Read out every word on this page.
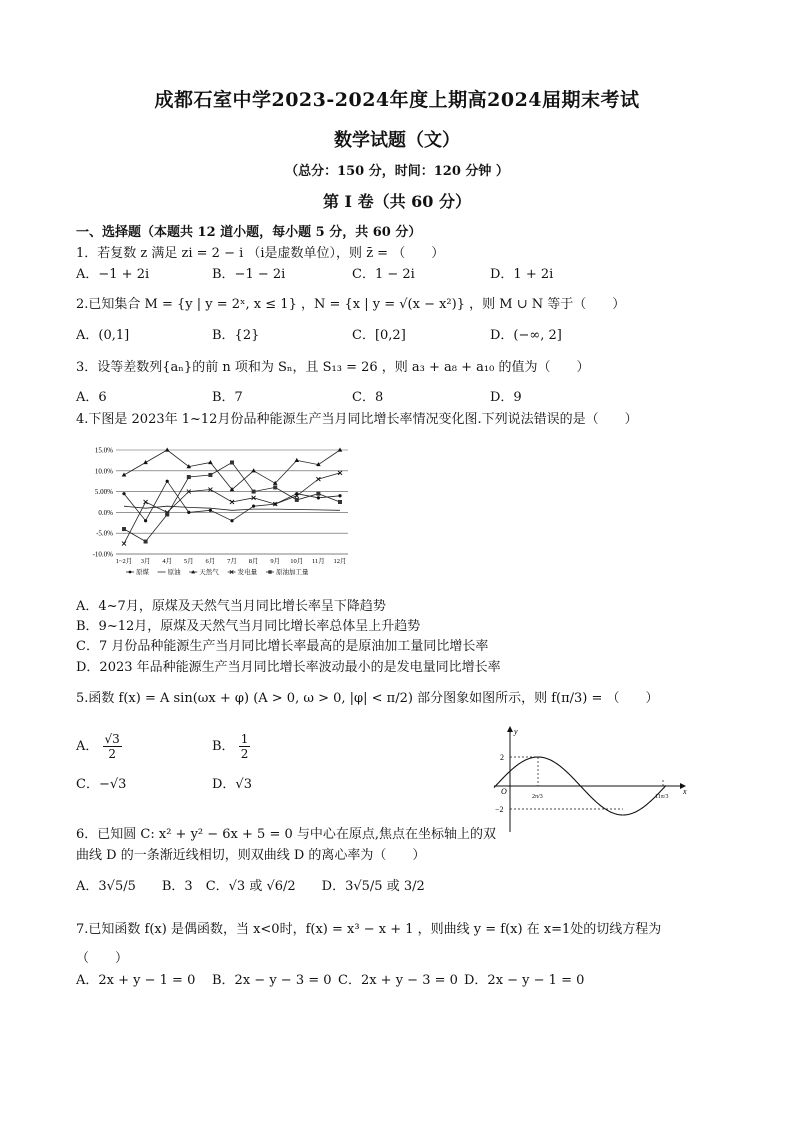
成都石室中学2023-2024年度上期高2024届期末考试
数学试题（文）
（总分：150 分，时间：120 分钟 ）
第 I 卷（共 60 分）
一、选择题（本题共 12 道小题，每小题 5 分，共 60 分）
1．若复数 z 满足 zi = 2 − i （i是虚数单位），则 z̄ = （　　）
A．−1 + 2i	B．−1 − 2i	C．1 − 2i	D．1 + 2i
2.已知集合 M = {y | y = 2ˣ, x ≤ 1} ，N = {x | y = √(x − x²)} ，则 M ∪ N 等于（　　）
A．(0,1]	B．{2}	C．[0,2]	D．(−∞, 2]
3．设等差数列{aₙ}的前 n 项和为 Sₙ，且 S₁₃ = 26 ，则 a₃ + a₈ + a₁₀ 的值为（　　）
A．6	B．7	C．8	D．9
4.下图是 2023年 1~12月份品种能源生产当月同比增长率情况变化图.下列说法错误的是（　　）
15.0%
10.0%
5.00%
0.0%
-5.0%
-10.0%
1~2月 3月 4月 5月 6月 7月 8月 9月 10月 11月 12月
原煤	原油	天然气	发电量	原油加工量
A．4~7月，原煤及天然气当月同比增长率呈下降趋势
B．9~12月，原煤及天然气当月同比增长率总体呈上升趋势
C．7 月份品种能源生产当月同比增长率最高的是原油加工量同比增长率
D．2023 年品种能源生产当月同比增长率波动最小的是发电量同比增长率
5.函数 f(x) = A sin(ωx + φ) (A > 0, ω > 0, |φ| < π/2) 部分图象如图所示，则 f(π/3) = （　　）
A． $\frac{√3}{2}$	B． $\frac{1}{2}$
C．−√3	D．√3
y
x
O
2
−2
2π/3	11π/3
6．已知圆 C: x² + y² − 6x + 5 = 0 与中心在原点,焦点在坐标轴上的双
曲线 D 的一条渐近线相切，则双曲线 D 的离心率为（　　）
A．3√5/5　　B．3　C．√3 或 √6/2　　D．3√5/5 或 3/2
7.已知函数 f(x) 是偶函数，当 x<0时，f(x) = x³ − x + 1 ，则曲线 y = f(x) 在 x=1处的切线方程为
（　　）
A．2x + y − 1 = 0 B．2x − y − 3 = 0 C．2x + y − 3 = 0 D．2x − y − 1 = 0
